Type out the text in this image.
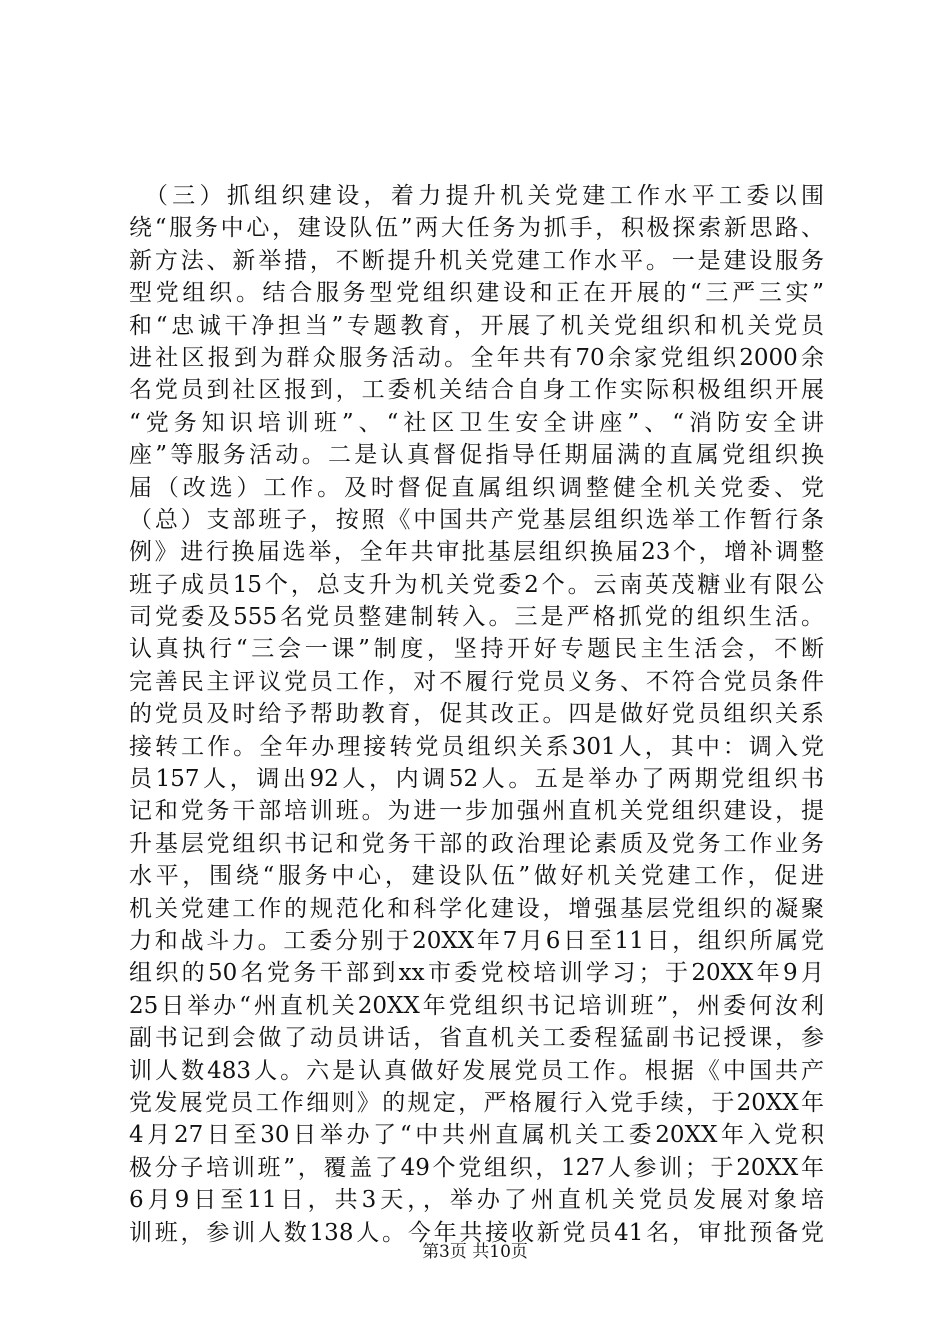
　（三）抓组织建设，着力提升机关党建工作水平工委以围
绕“服务中心，建设队伍”两大任务为抓手，积极探索新思路、
新方法、新举措，不断提升机关党建工作水平。一是建设服务
型党组织。结合服务型党组织建设和正在开展的“三严三实”
和“忠诚干净担当”专题教育，开展了机关党组织和机关党员
进社区报到为群众服务活动。全年共有70余家党组织2000余
名党员到社区报到，工委机关结合自身工作实际积极组织开展
“党务知识培训班”、“社区卫生安全讲座”、“消防安全讲
座”等服务活动。二是认真督促指导任期届满的直属党组织换
届（改选）工作。及时督促直属组织调整健全机关党委、党
（总）支部班子，按照《中国共产党基层组织选举工作暂行条
例》进行换届选举，全年共审批基层组织换届23个，增补调整
班子成员15个，总支升为机关党委2个。云南英茂糖业有限公
司党委及555名党员整建制转入。三是严格抓党的组织生活。
认真执行“三会一课”制度，坚持开好专题民主生活会，不断
完善民主评议党员工作，对不履行党员义务、不符合党员条件
的党员及时给予帮助教育，促其改正。四是做好党员组织关系
接转工作。全年办理接转党员组织关系301人，其中：调入党
员157人，调出92人，内调52人。五是举办了两期党组织书
记和党务干部培训班。为进一步加强州直机关党组织建设，提
升基层党组织书记和党务干部的政治理论素质及党务工作业务
水平，围绕“服务中心，建设队伍”做好机关党建工作，促进
机关党建工作的规范化和科学化建设，增强基层党组织的凝聚
力和战斗力。工委分别于20XX年7月6日至11日，组织所属党
组织的50名党务干部到xx市委党校培训学习；于20XX年9月
25日举办“州直机关20XX年党组织书记培训班”，州委何汝利
副书记到会做了动员讲话，省直机关工委程猛副书记授课，参
训人数483人。六是认真做好发展党员工作。根据《中国共产
党发展党员工作细则》的规定，严格履行入党手续，于20XX年
4月27日至30日举办了“中共州直属机关工委20XX年入党积
极分子培训班”，覆盖了49个党组织，127人参训；于20XX年
6月9日至11日，共3天，，举办了州直机关党员发展对象培
训班，参训人数138人。今年共接收新党员41名，审批预备党
第3页 共10页
